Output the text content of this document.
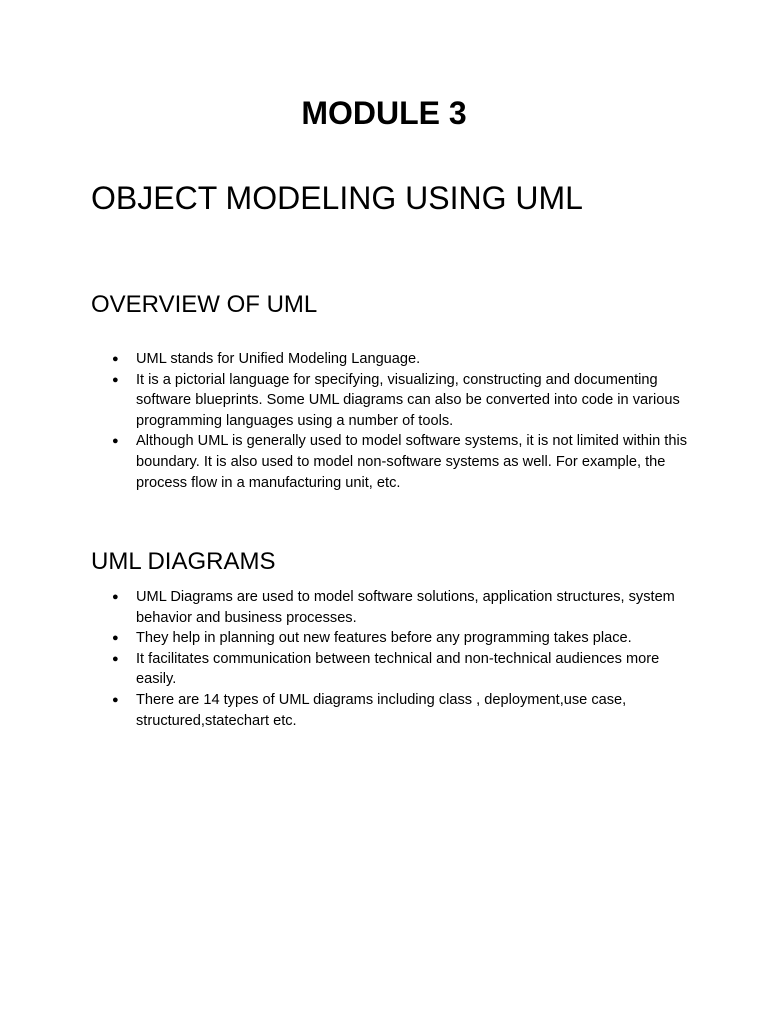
MODULE 3
OBJECT MODELING USING UML
OVERVIEW OF UML
●	UML stands for Unified Modeling Language.
●	It is a pictorial language for specifying, visualizing, constructing and documenting software blueprints. Some UML diagrams can also be converted into code in various programming languages using a number of tools.
●	Although UML is generally used to model software systems, it is not limited within this boundary. It is also used to model non-software systems as well. For example, the process flow in a manufacturing unit, etc.
UML DIAGRAMS
●	UML Diagrams are used to model software solutions, application structures, system behavior and business processes.
●	They help in planning out new features before any programming takes place.
●	It facilitates communication between technical and non-technical audiences more easily.
●	There are 14 types of UML diagrams including class , deployment,use case, structured,statechart etc.
